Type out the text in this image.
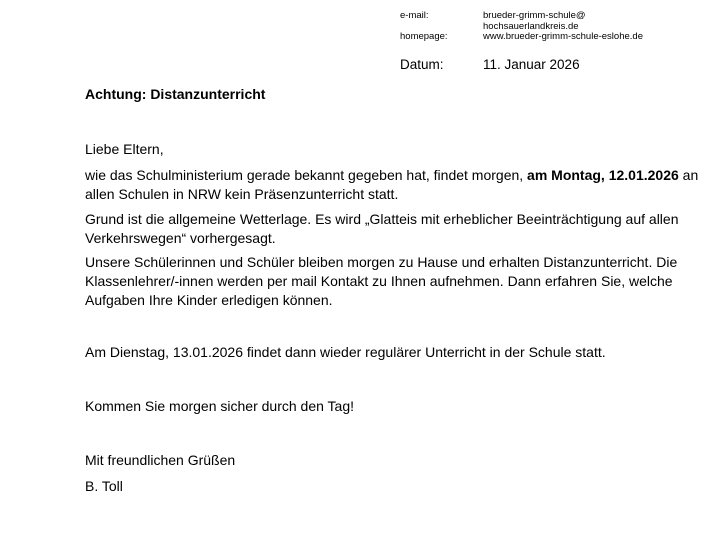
e-mail:	brueder-grimm-schule@
hochsauerlandkreis.de
homepage:	www.brueder-grimm-schule-eslohe.de
Datum:	11. Januar 2026
Achtung: Distanzunterricht

Liebe Eltern,

wie das Schulministerium gerade bekannt gegeben hat, findet morgen, am Montag, 12.01.2026 an allen Schulen in NRW kein Präsenzunterricht statt.

Grund ist die allgemeine Wetterlage. Es wird „Glatteis mit erheblicher Beeinträchtigung auf allen Verkehrswegen“ vorhergesagt.

Unsere Schülerinnen und Schüler bleiben morgen zu Hause und erhalten Distanzunterricht. Die Klassenlehrer/-innen werden per mail Kontakt zu Ihnen aufnehmen. Dann erfahren Sie, welche Aufgaben Ihre Kinder erledigen können.

Am Dienstag, 13.01.2026 findet dann wieder regulärer Unterricht in der Schule statt.

Kommen Sie morgen sicher durch den Tag!

Mit freundlichen Grüßen

B. Toll
